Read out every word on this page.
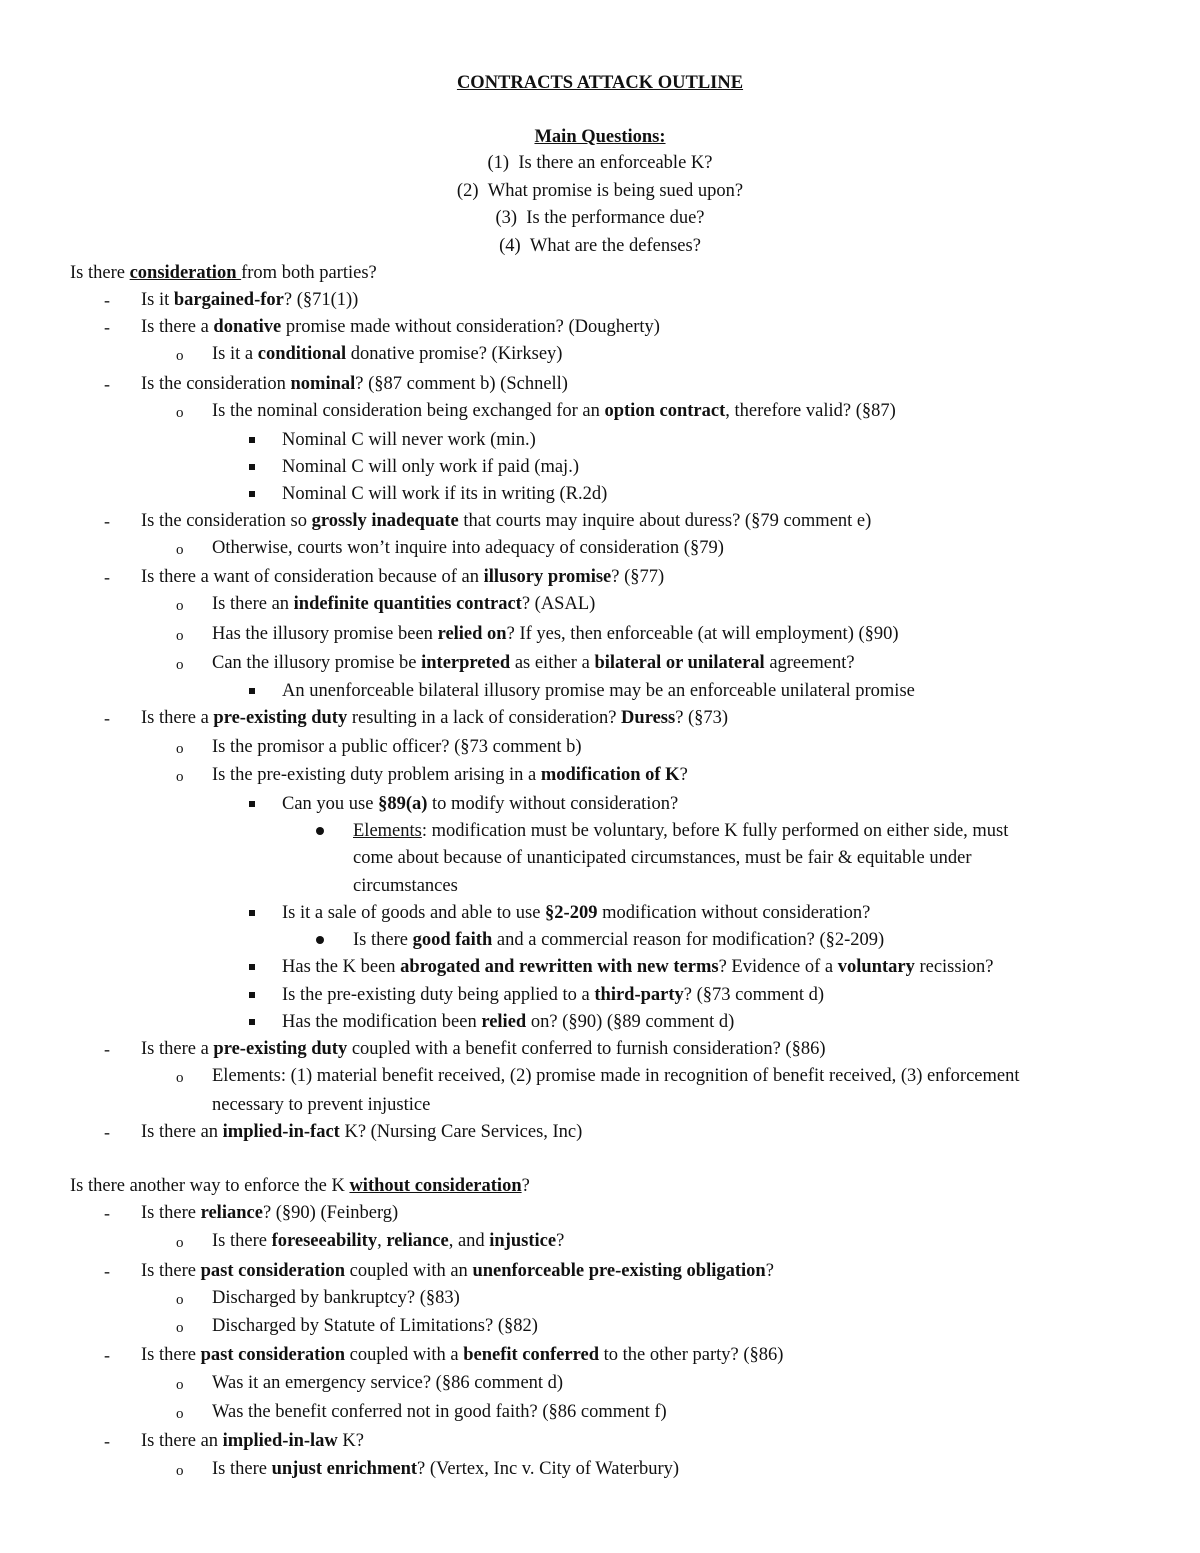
CONTRACTS ATTACK OUTLINE
Main Questions:
(1)  Is there an enforceable K?
(2)  What promise is being sued upon?
(3)  Is the performance due?
(4)  What are the defenses?
Is there consideration from both parties?
- Is it bargained-for? (§71(1))
- Is there a donative promise made without consideration? (Dougherty)
o Is it a conditional donative promise? (Kirksey)
- Is the consideration nominal? (§87 comment b) (Schnell)
o Is the nominal consideration being exchanged for an option contract, therefore valid? (§87)
Nominal C will never work (min.)
Nominal C will only work if paid (maj.)
Nominal C will work if its in writing (R.2d)
- Is the consideration so grossly inadequate that courts may inquire about duress? (§79 comment e)
o Otherwise, courts won’t inquire into adequacy of consideration (§79)
- Is there a want of consideration because of an illusory promise? (§77)
o Is there an indefinite quantities contract? (ASAL)
o Has the illusory promise been relied on? If yes, then enforceable (at will employment) (§90)
o Can the illusory promise be interpreted as either a bilateral or unilateral agreement?
An unenforceable bilateral illusory promise may be an enforceable unilateral promise
- Is there a pre-existing duty resulting in a lack of consideration? Duress? (§73)
o Is the promisor a public officer? (§73 comment b)
o Is the pre-existing duty problem arising in a modification of K?
Can you use §89(a) to modify without consideration?
Elements: modification must be voluntary, before K fully performed on either side, must
come about because of unanticipated circumstances, must be fair & equitable under
circumstances
Is it a sale of goods and able to use §2-209 modification without consideration?
Is there good faith and a commercial reason for modification? (§2-209)
Has the K been abrogated and rewritten with new terms? Evidence of a voluntary recission?
Is the pre-existing duty being applied to a third-party? (§73 comment d)
Has the modification been relied on? (§90) (§89 comment d)
- Is there a pre-existing duty coupled with a benefit conferred to furnish consideration? (§86)
o Elements: (1) material benefit received, (2) promise made in recognition of benefit received, (3) enforcement
necessary to prevent injustice
- Is there an implied-in-fact K? (Nursing Care Services, Inc)
Is there another way to enforce the K without consideration?
- Is there reliance? (§90) (Feinberg)
o Is there foreseeability, reliance, and injustice?
- Is there past consideration coupled with an unenforceable pre-existing obligation?
o Discharged by bankruptcy? (§83)
o Discharged by Statute of Limitations? (§82)
- Is there past consideration coupled with a benefit conferred to the other party? (§86)
o Was it an emergency service? (§86 comment d)
o Was the benefit conferred not in good faith? (§86 comment f)
- Is there an implied-in-law K?
o Is there unjust enrichment? (Vertex, Inc v. City of Waterbury)
